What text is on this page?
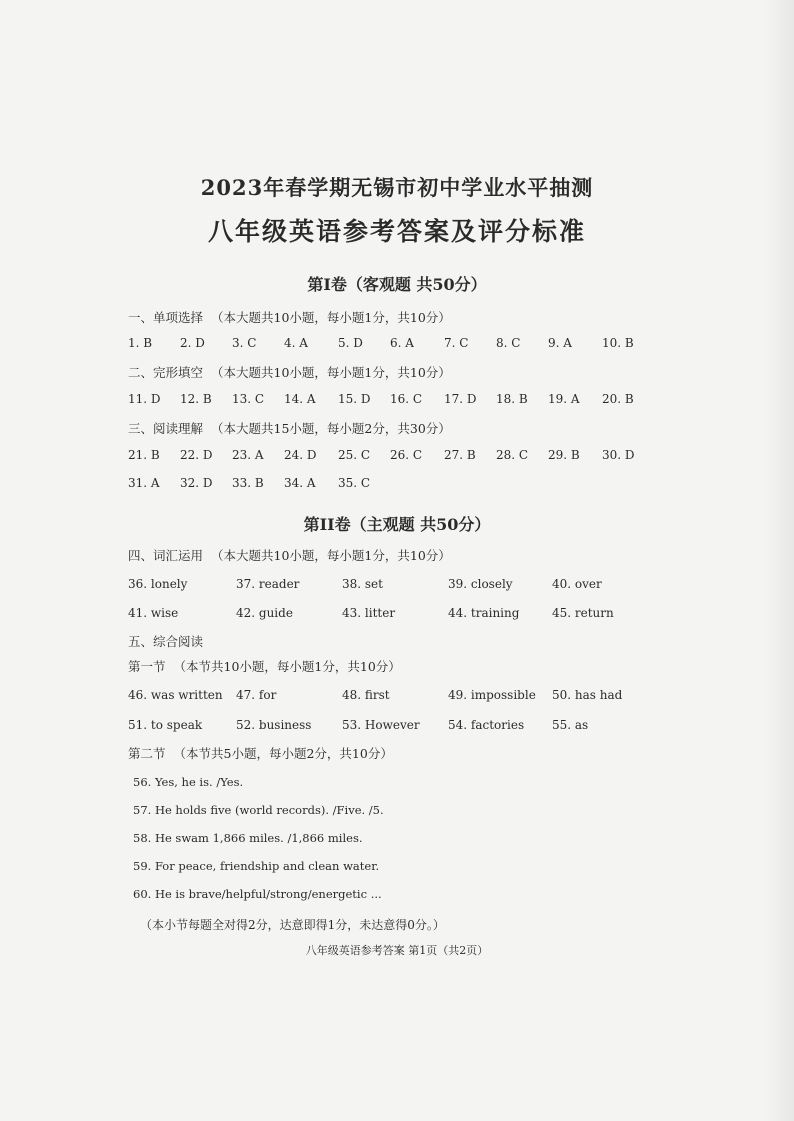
2023年春学期无锡市初中学业水平抽测
八年级英语参考答案及评分标准
第I卷（客观题 共50分）
一、单项选择 （本大题共10小题，每小题1分，共10分）
1. B 2. D 3. C 4. A	5. D 6. A	7. C 8. C 9. A	10. B
二、完形填空 （本大题共10小题，每小题1分，共10分）
11. D 12. B 13. C 14. A 15. D 16. C 17. D 18. B 19. A 20. B
三、阅读理解 （本大题共15小题，每小题2分，共30分）
21. B 22. D 23. A 24. D 25. C 26. C 27. B 28. C 29. B 30. D
31. A 32. D 33. B 34. A 35. C
第II卷（主观题 共50分）
四、词汇运用 （本大题共10小题，每小题1分，共10分）
36. lonely	37. reader	38. set	39. closely	40. over
41. wise	42. guide	43. litter	44. training	45. return
五、综合阅读
第一节 （本节共10小题，每小题1分，共10分）
46. was written 47. for	48. first	49. impossible 50. has had
51. to speak	52. business	53. However 54. factories 55. as
第二节 （本节共5小题，每小题2分，共10分）
56. Yes, he is. /Yes.
57. He holds five (world records). /Five. /5.
58. He swam 1,866 miles. /1,866 miles.
59. For peace, friendship and clean water.
60. He is brave/helpful/strong/energetic ...
（本小节每题全对得2分，达意即得1分，未达意得0分。）
八年级英语参考答案 第1页（共2页）
